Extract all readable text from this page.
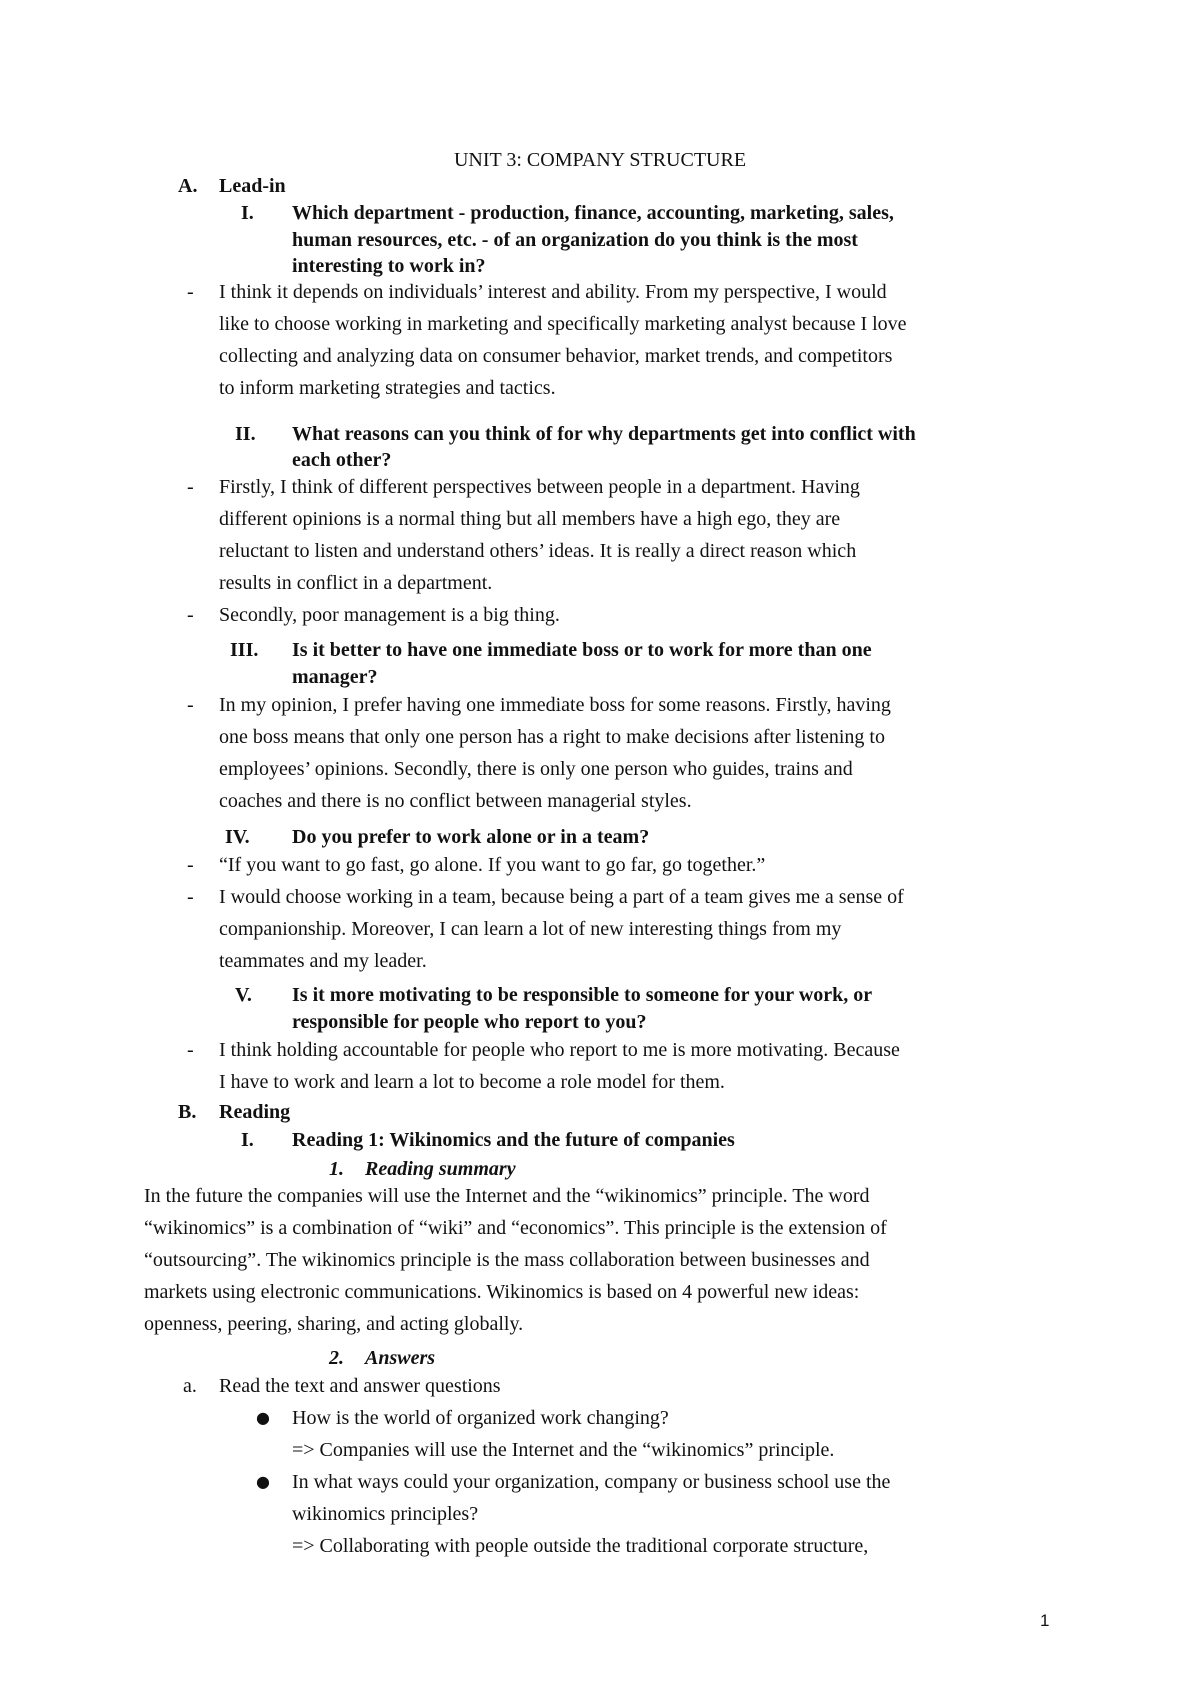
UNIT 3: COMPANY STRUCTURE
A. Lead-in
I. Which department - production, finance, accounting, marketing, sales,
human resources, etc. - of an organization do you think is the most
interesting to work in?
- I think it depends on individuals’ interest and ability. From my perspective, I would
like to choose working in marketing and specifically marketing analyst because I love
collecting and analyzing data on consumer behavior, market trends, and competitors
to inform marketing strategies and tactics.
II. What reasons can you think of for why departments get into conflict with
each other?
- Firstly, I think of different perspectives between people in a department. Having
different opinions is a normal thing but all members have a high ego, they are
reluctant to listen and understand others’ ideas. It is really a direct reason which
results in conflict in a department.
- Secondly, poor management is a big thing.
III. Is it better to have one immediate boss or to work for more than one
manager?
- In my opinion, I prefer having one immediate boss for some reasons. Firstly, having
one boss means that only one person has a right to make decisions after listening to
employees’ opinions. Secondly, there is only one person who guides, trains and
coaches and there is no conflict between managerial styles.
IV. Do you prefer to work alone or in a team?
- “If you want to go fast, go alone. If you want to go far, go together.”
- I would choose working in a team, because being a part of a team gives me a sense of
companionship. Moreover, I can learn a lot of new interesting things from my
teammates and my leader.
V. Is it more motivating to be responsible to someone for your work, or
responsible for people who report to you?
- I think holding accountable for people who report to me is more motivating. Because
I have to work and learn a lot to become a role model for them.
B. Reading
I. Reading 1: Wikinomics and the future of companies
1. Reading summary
In the future the companies will use the Internet and the “wikinomics” principle. The word
“wikinomics” is a combination of “wiki” and “economics”. This principle is the extension of
“outsourcing”. The wikinomics principle is the mass collaboration between businesses and
markets using electronic communications. Wikinomics is based on 4 powerful new ideas:
openness, peering, sharing, and acting globally.
2. Answers
a. Read the text and answer questions
● How is the world of organized work changing?
=> Companies will use the Internet and the “wikinomics” principle.
● In what ways could your organization, company or business school use the
wikinomics principles?
=> Collaborating with people outside the traditional corporate structure,
1
